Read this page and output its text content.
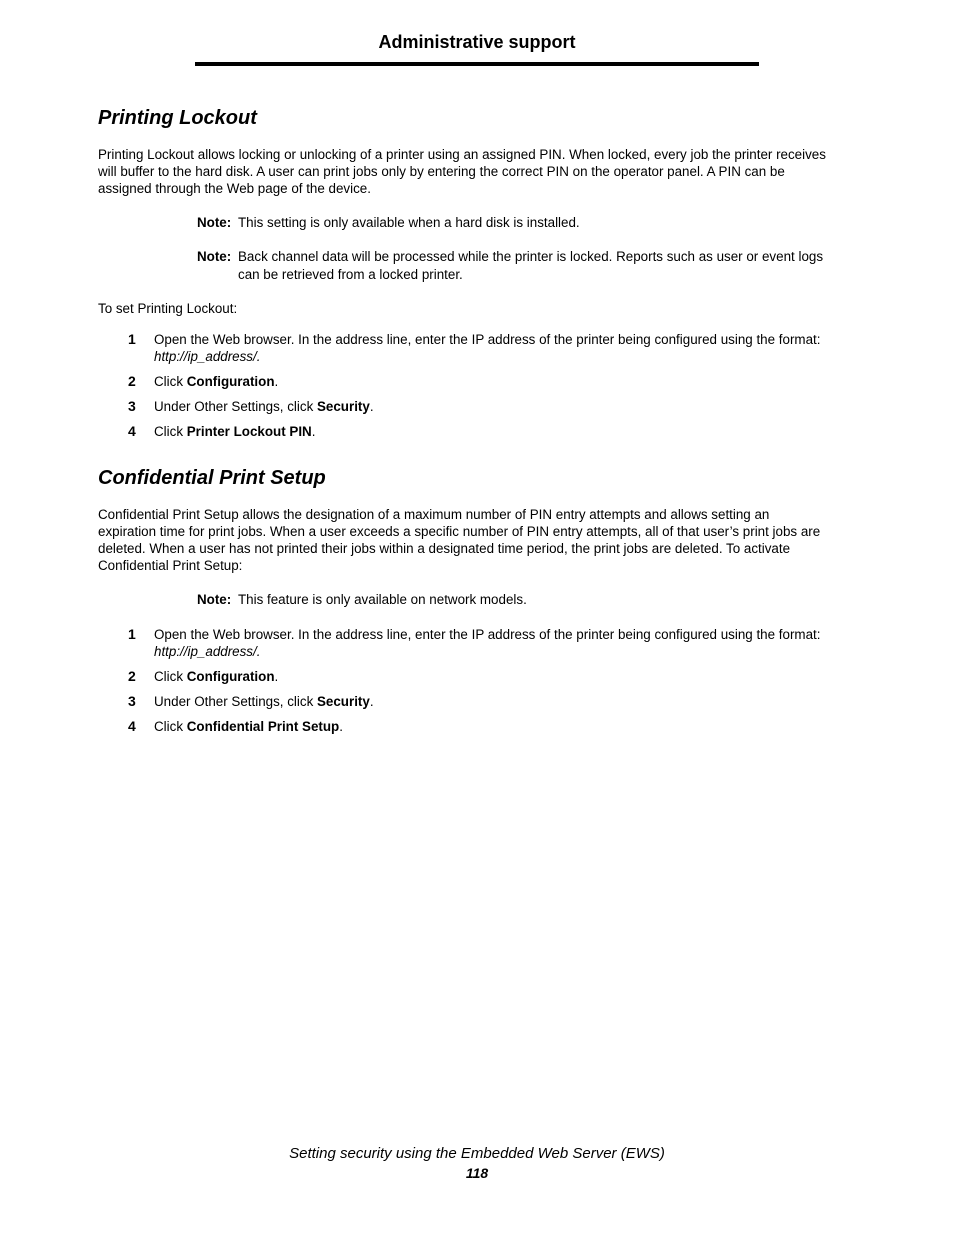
Administrative support
Printing Lockout
Printing Lockout allows locking or unlocking of a printer using an assigned PIN. When locked, every job the printer receives
will buffer to the hard disk. A user can print jobs only by entering the correct PIN on the operator panel. A PIN can be
assigned through the Web page of the device.
Note: This setting is only available when a hard disk is installed.
Note: Back channel data will be processed while the printer is locked. Reports such as user or event logs
can be retrieved from a locked printer.
To set Printing Lockout:
1 Open the Web browser. In the address line, enter the IP address of the printer being configured using the format:
http://ip_address/.
2 Click Configuration.
3 Under Other Settings, click Security.
4 Click Printer Lockout PIN.
Confidential Print Setup
Confidential Print Setup allows the designation of a maximum number of PIN entry attempts and allows setting an
expiration time for print jobs. When a user exceeds a specific number of PIN entry attempts, all of that user’s print jobs are
deleted. When a user has not printed their jobs within a designated time period, the print jobs are deleted. To activate
Confidential Print Setup:
Note: This feature is only available on network models.
1 Open the Web browser. In the address line, enter the IP address of the printer being configured using the format:
http://ip_address/.
2 Click Configuration.
3 Under Other Settings, click Security.
4 Click Confidential Print Setup.
Setting security using the Embedded Web Server (EWS)
118
